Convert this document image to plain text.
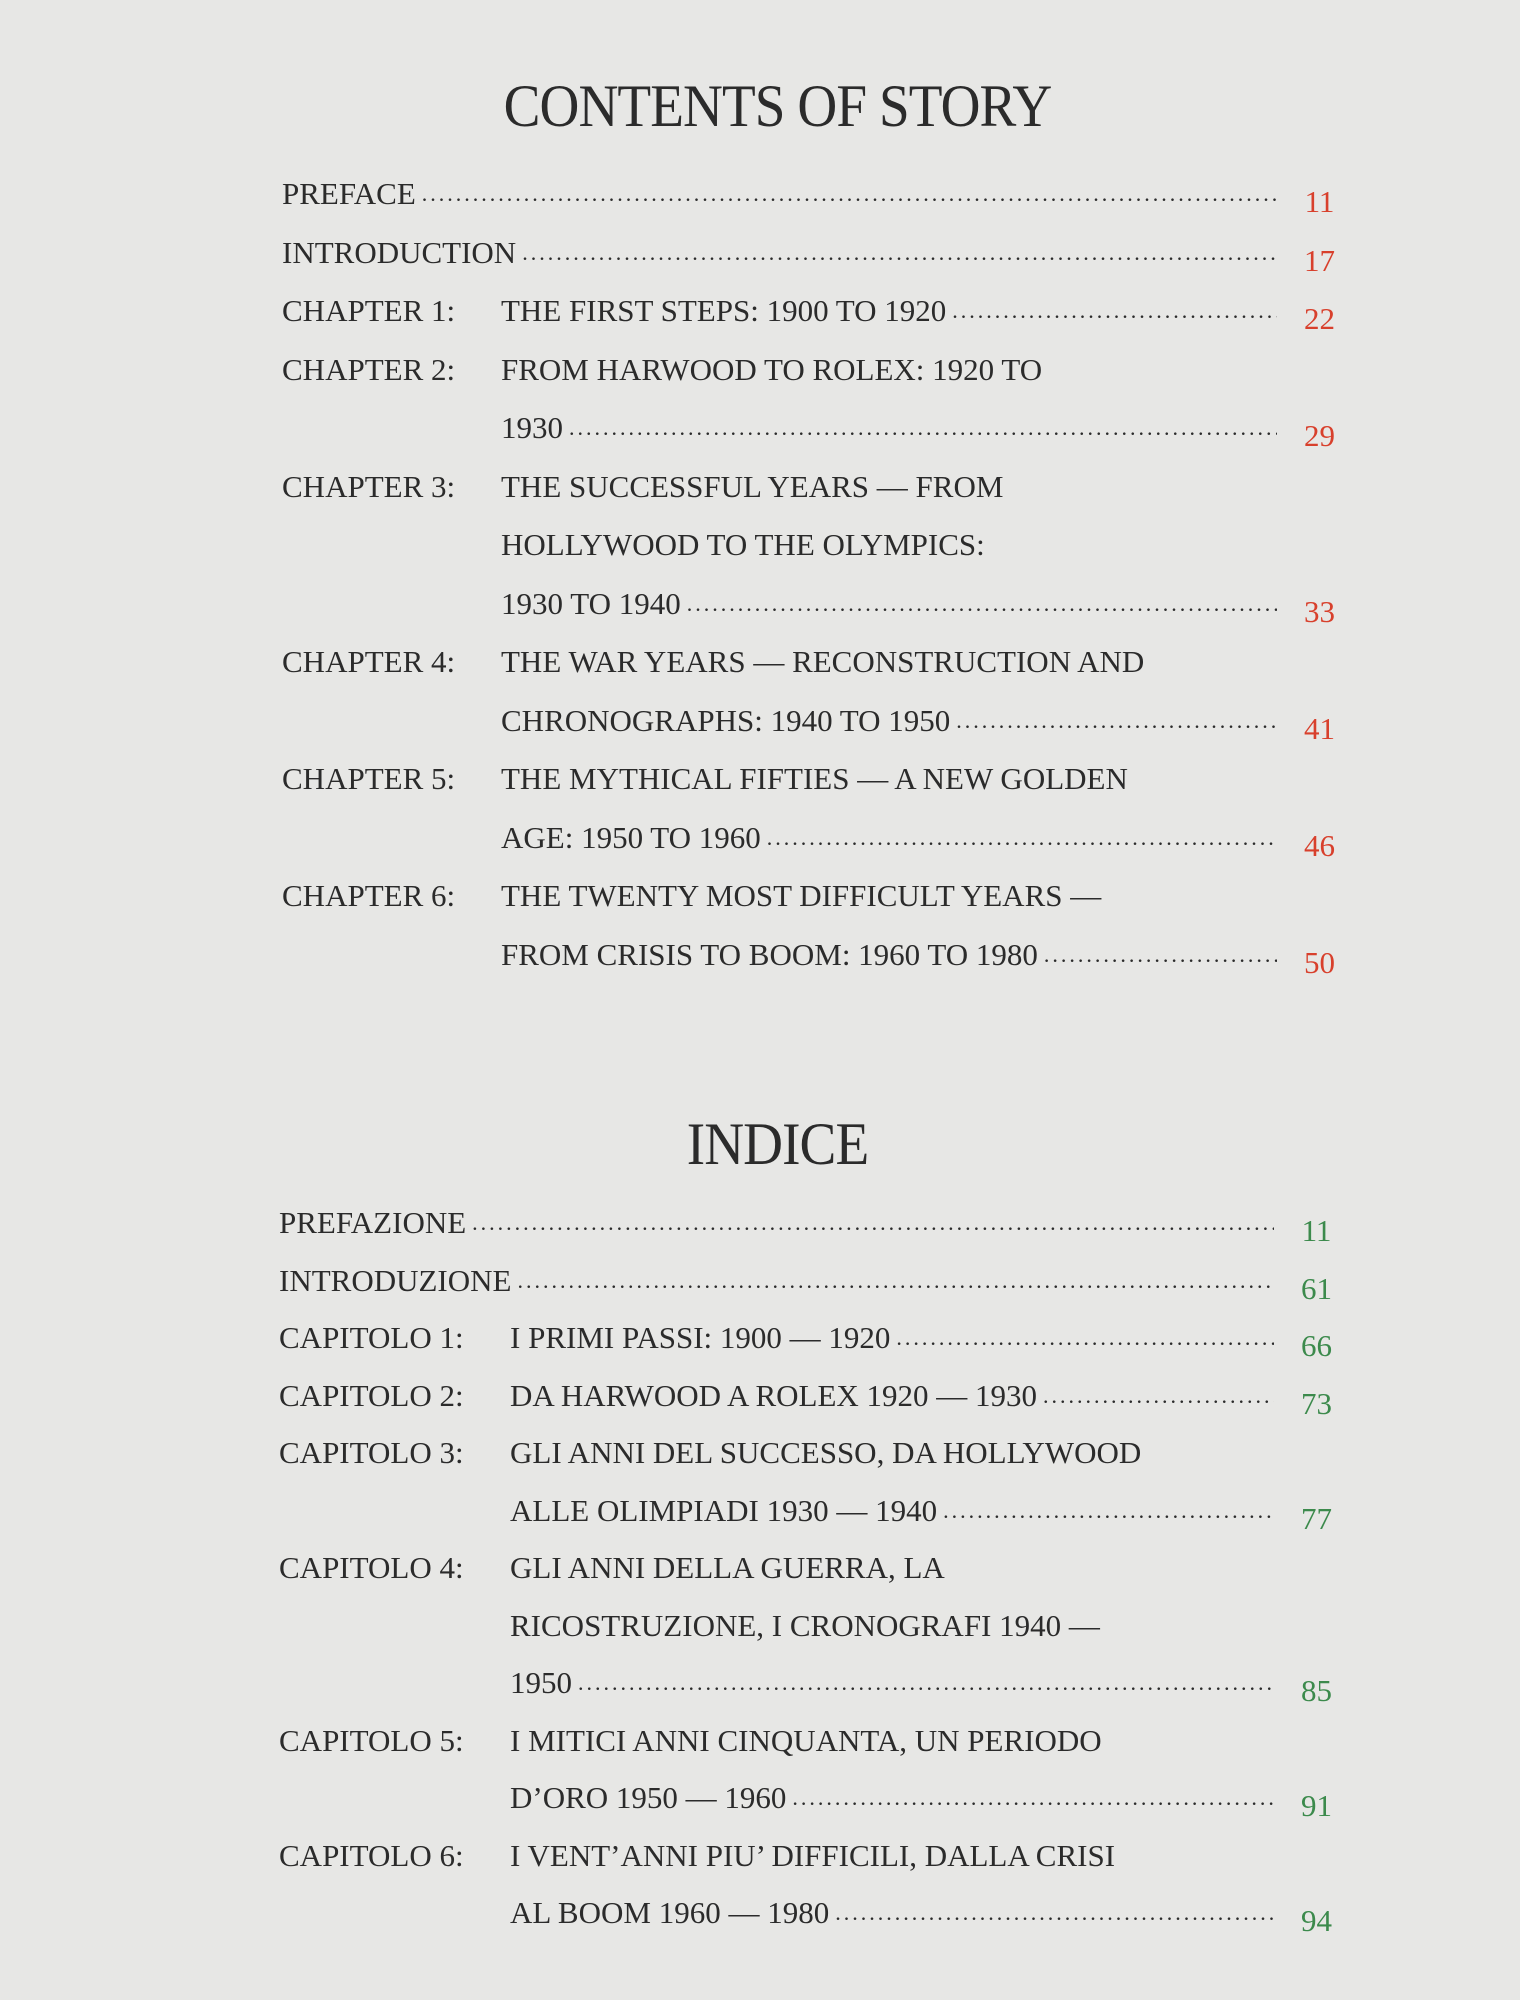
CONTENTS OF STORY
PREFACE .....	11
INTRODUCTION .....	17
CHAPTER 1:	THE FIRST STEPS: 1900 TO 1920 .....	22
CHAPTER 2:	FROM HARWOOD TO ROLEX: 1920 TO
1930 .....	29
CHAPTER 3:	THE SUCCESSFUL YEARS — FROM
HOLLYWOOD TO THE OLYMPICS:
1930 TO 1940 .....	33
CHAPTER 4:	THE WAR YEARS — RECONSTRUCTION AND
CHRONOGRAPHS: 1940 TO 1950 .....	41
CHAPTER 5:	THE MYTHICAL FIFTIES — A NEW GOLDEN
AGE: 1950 TO 1960 .....	46
CHAPTER 6:	THE TWENTY MOST DIFFICULT YEARS —
FROM CRISIS TO BOOM: 1960 TO 1980 .....	50
INDICE
PREFAZIONE .....	11
INTRODUZIONE .....	61
CAPITOLO 1:	I PRIMI PASSI: 1900 — 1920 .....	66
CAPITOLO 2:	DA HARWOOD A ROLEX 1920 — 1930 .....	73
CAPITOLO 3:	GLI ANNI DEL SUCCESSO, DA HOLLYWOOD
ALLE OLIMPIADI 1930 — 1940 .....	77
CAPITOLO 4:	GLI ANNI DELLA GUERRA, LA
RICOSTRUZIONE, I CRONOGRAFI 1940 —
1950 .....	85
CAPITOLO 5:	I MITICI ANNI CINQUANTA, UN PERIODO
D’ORO 1950 — 1960 .....	91
CAPITOLO 6:	I VENT’ANNI PIU’ DIFFICILI, DALLA CRISI
AL BOOM 1960 — 1980 .....	94
